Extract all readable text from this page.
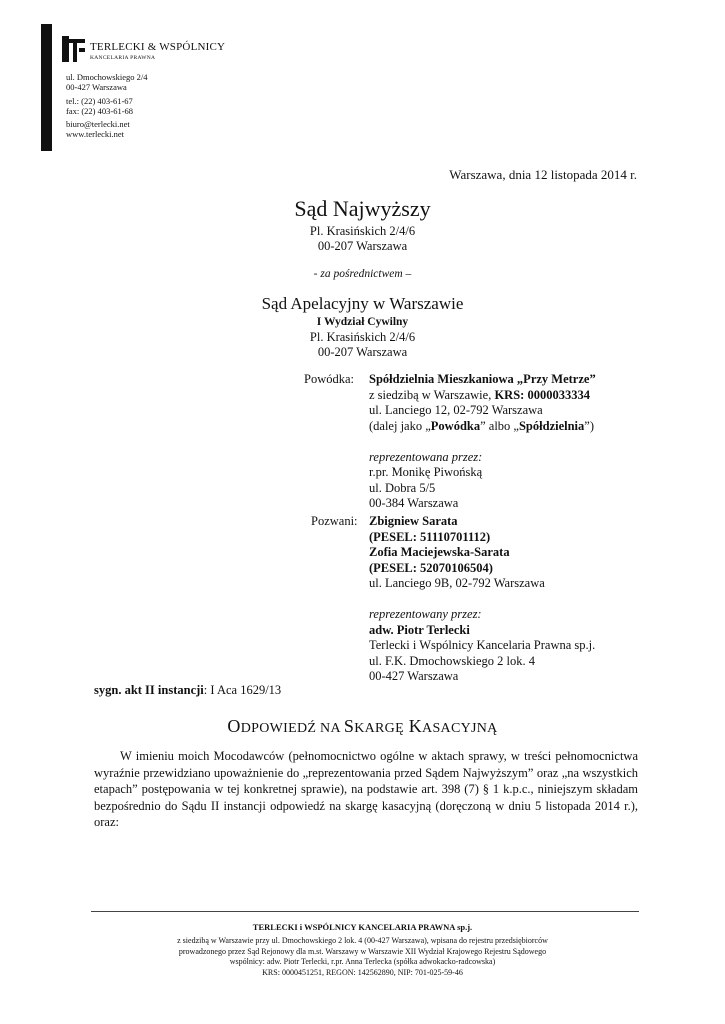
TERLECKI & WSPÓLNICY
KANCELARIA PRAWNA
ul. Dmochowskiego 2/4
00-427 Warszawa
tel.: (22) 403-61-67
fax: (22) 403-61-68
biuro@terlecki.net
www.terlecki.net
Warszawa, dnia 12 listopada 2014 r.
Sąd Najwyższy
Pl. Krasińskich 2/4/6
00-207 Warszawa
- za pośrednictwem –
Sąd Apelacyjny w Warszawie
I Wydział Cywilny
Pl. Krasińskich 2/4/6
00-207 Warszawa
Powódka: Spółdzielnia Mieszkaniowa „Przy Metrze”
z siedzibą w Warszawie, KRS: 0000033334
ul. Lanciego 12, 02-792 Warszawa
(dalej jako „Powódka” albo „Spółdzielnia”)
reprezentowana przez:
r.pr. Monikę Piwońską
ul. Dobra 5/5
00-384 Warszawa
Pozwani: Zbigniew Sarata
(PESEL: 51110701112)
Zofia Maciejewska-Sarata
(PESEL: 52070106504)
ul. Lanciego 9B, 02-792 Warszawa
reprezentowany przez:
adw. Piotr Terlecki
Terlecki i Wspólnicy Kancelaria Prawna sp.j.
ul. F.K. Dmochowskiego 2 lok. 4
00-427 Warszawa
sygn. akt II instancji: I Aca 1629/13
ODPOWIEDŹ NA SKARGĘ KASACYJNĄ
W imieniu moich Mocodawców (pełnomocnictwo ogólne w aktach sprawy, w treści pełnomocnictwa wyraźnie przewidziano upoważnienie do „reprezentowania przed Sądem Najwyższym” oraz „na wszystkich etapach” postępowania w tej konkretnej sprawie), na podstawie art. 398 (7) § 1 k.p.c., niniejszym składam bezpośrednio do Sądu II instancji odpowiedź na skargę kasacyjną (doręczoną w dniu 5 listopada 2014 r.), oraz:
TERLECKI i WSPÓLNICY KANCELARIA PRAWNA sp.j.
z siedzibą w Warszawie przy ul. Dmochowskiego 2 lok. 4 (00-427 Warszawa), wpisana do rejestru przedsiębiorców
prowadzonego przez Sąd Rejonowy dla m.st. Warszawy w Warszawie XII Wydział Krajowego Rejestru Sądowego
wspólnicy: adw. Piotr Terlecki, r.pr. Anna Terlecka (spółka adwokacko-radcowska)
KRS: 0000451251, REGON: 142562890, NIP: 701-025-59-46
